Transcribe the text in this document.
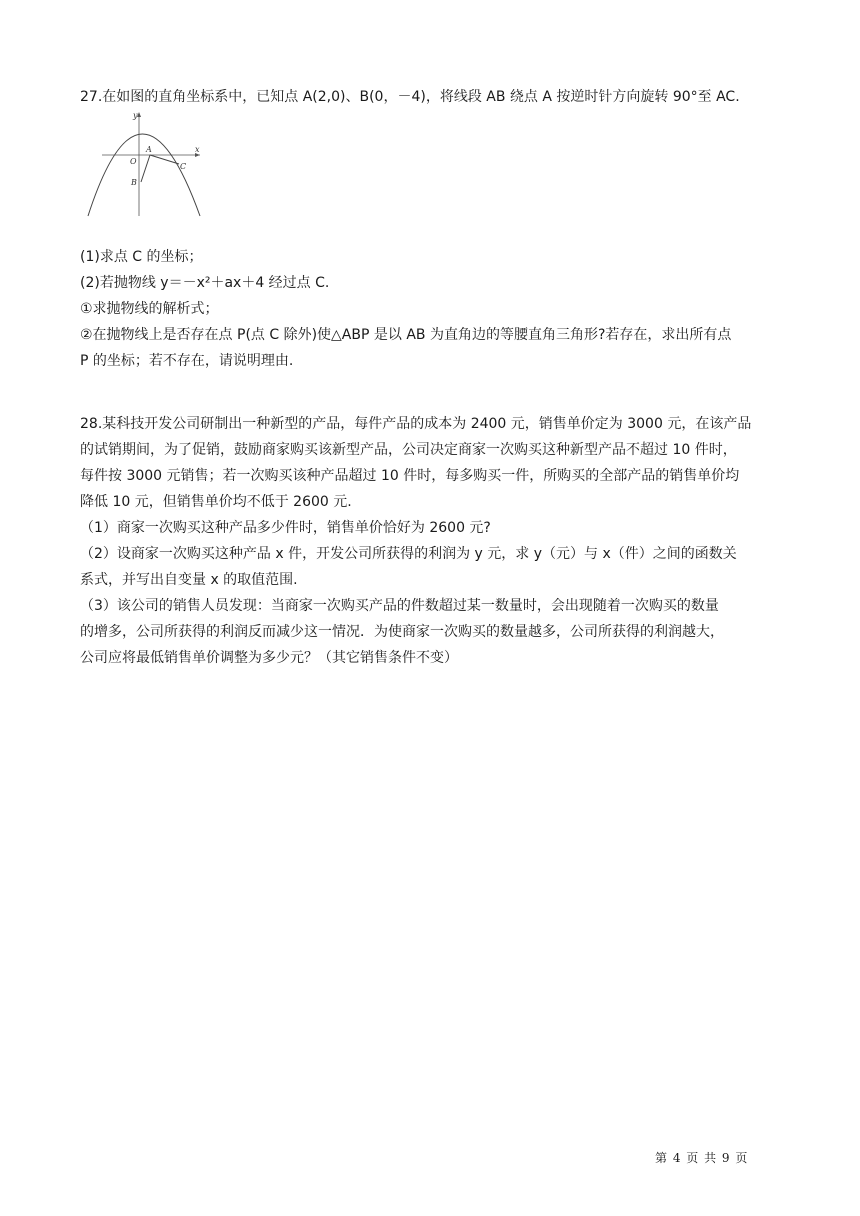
27.在如图的直角坐标系中，已知点 A(2,0)、B(0，－4)，将线段 AB 绕点 A 按逆时针方向旋转 90°至 AC.
y
x
O
A
B
C
(1)求点 C 的坐标；
(2)若抛物线 y＝－x²＋ax＋4 经过点 C.
①求抛物线的解析式；
②在抛物线上是否存在点 P(点 C 除外)使△ABP 是以 AB 为直角边的等腰直角三角形?若存在，求出所有点
P 的坐标；若不存在，请说明理由.
28.某科技开发公司研制出一种新型的产品，每件产品的成本为 2400 元，销售单价定为 3000 元，在该产品
的试销期间，为了促销，鼓励商家购买该新型产品，公司决定商家一次购买这种新型产品不超过 10 件时，
每件按 3000 元销售；若一次购买该种产品超过 10 件时，每多购买一件，所购买的全部产品的销售单价均
降低 10 元，但销售单价均不低于 2600 元.
（1）商家一次购买这种产品多少件时，销售单价恰好为 2600 元?
（2）设商家一次购买这种产品 x 件，开发公司所获得的利润为 y 元，求 y（元）与 x（件）之间的函数关
系式，并写出自变量 x 的取值范围.
（3）该公司的销售人员发现：当商家一次购买产品的件数超过某一数量时，会出现随着一次购买的数量
的增多，公司所获得的利润反而减少这一情况．为使商家一次购买的数量越多，公司所获得的利润越大，
公司应将最低销售单价调整为多少元？（其它销售条件不变）
第 4 页 共 9 页
